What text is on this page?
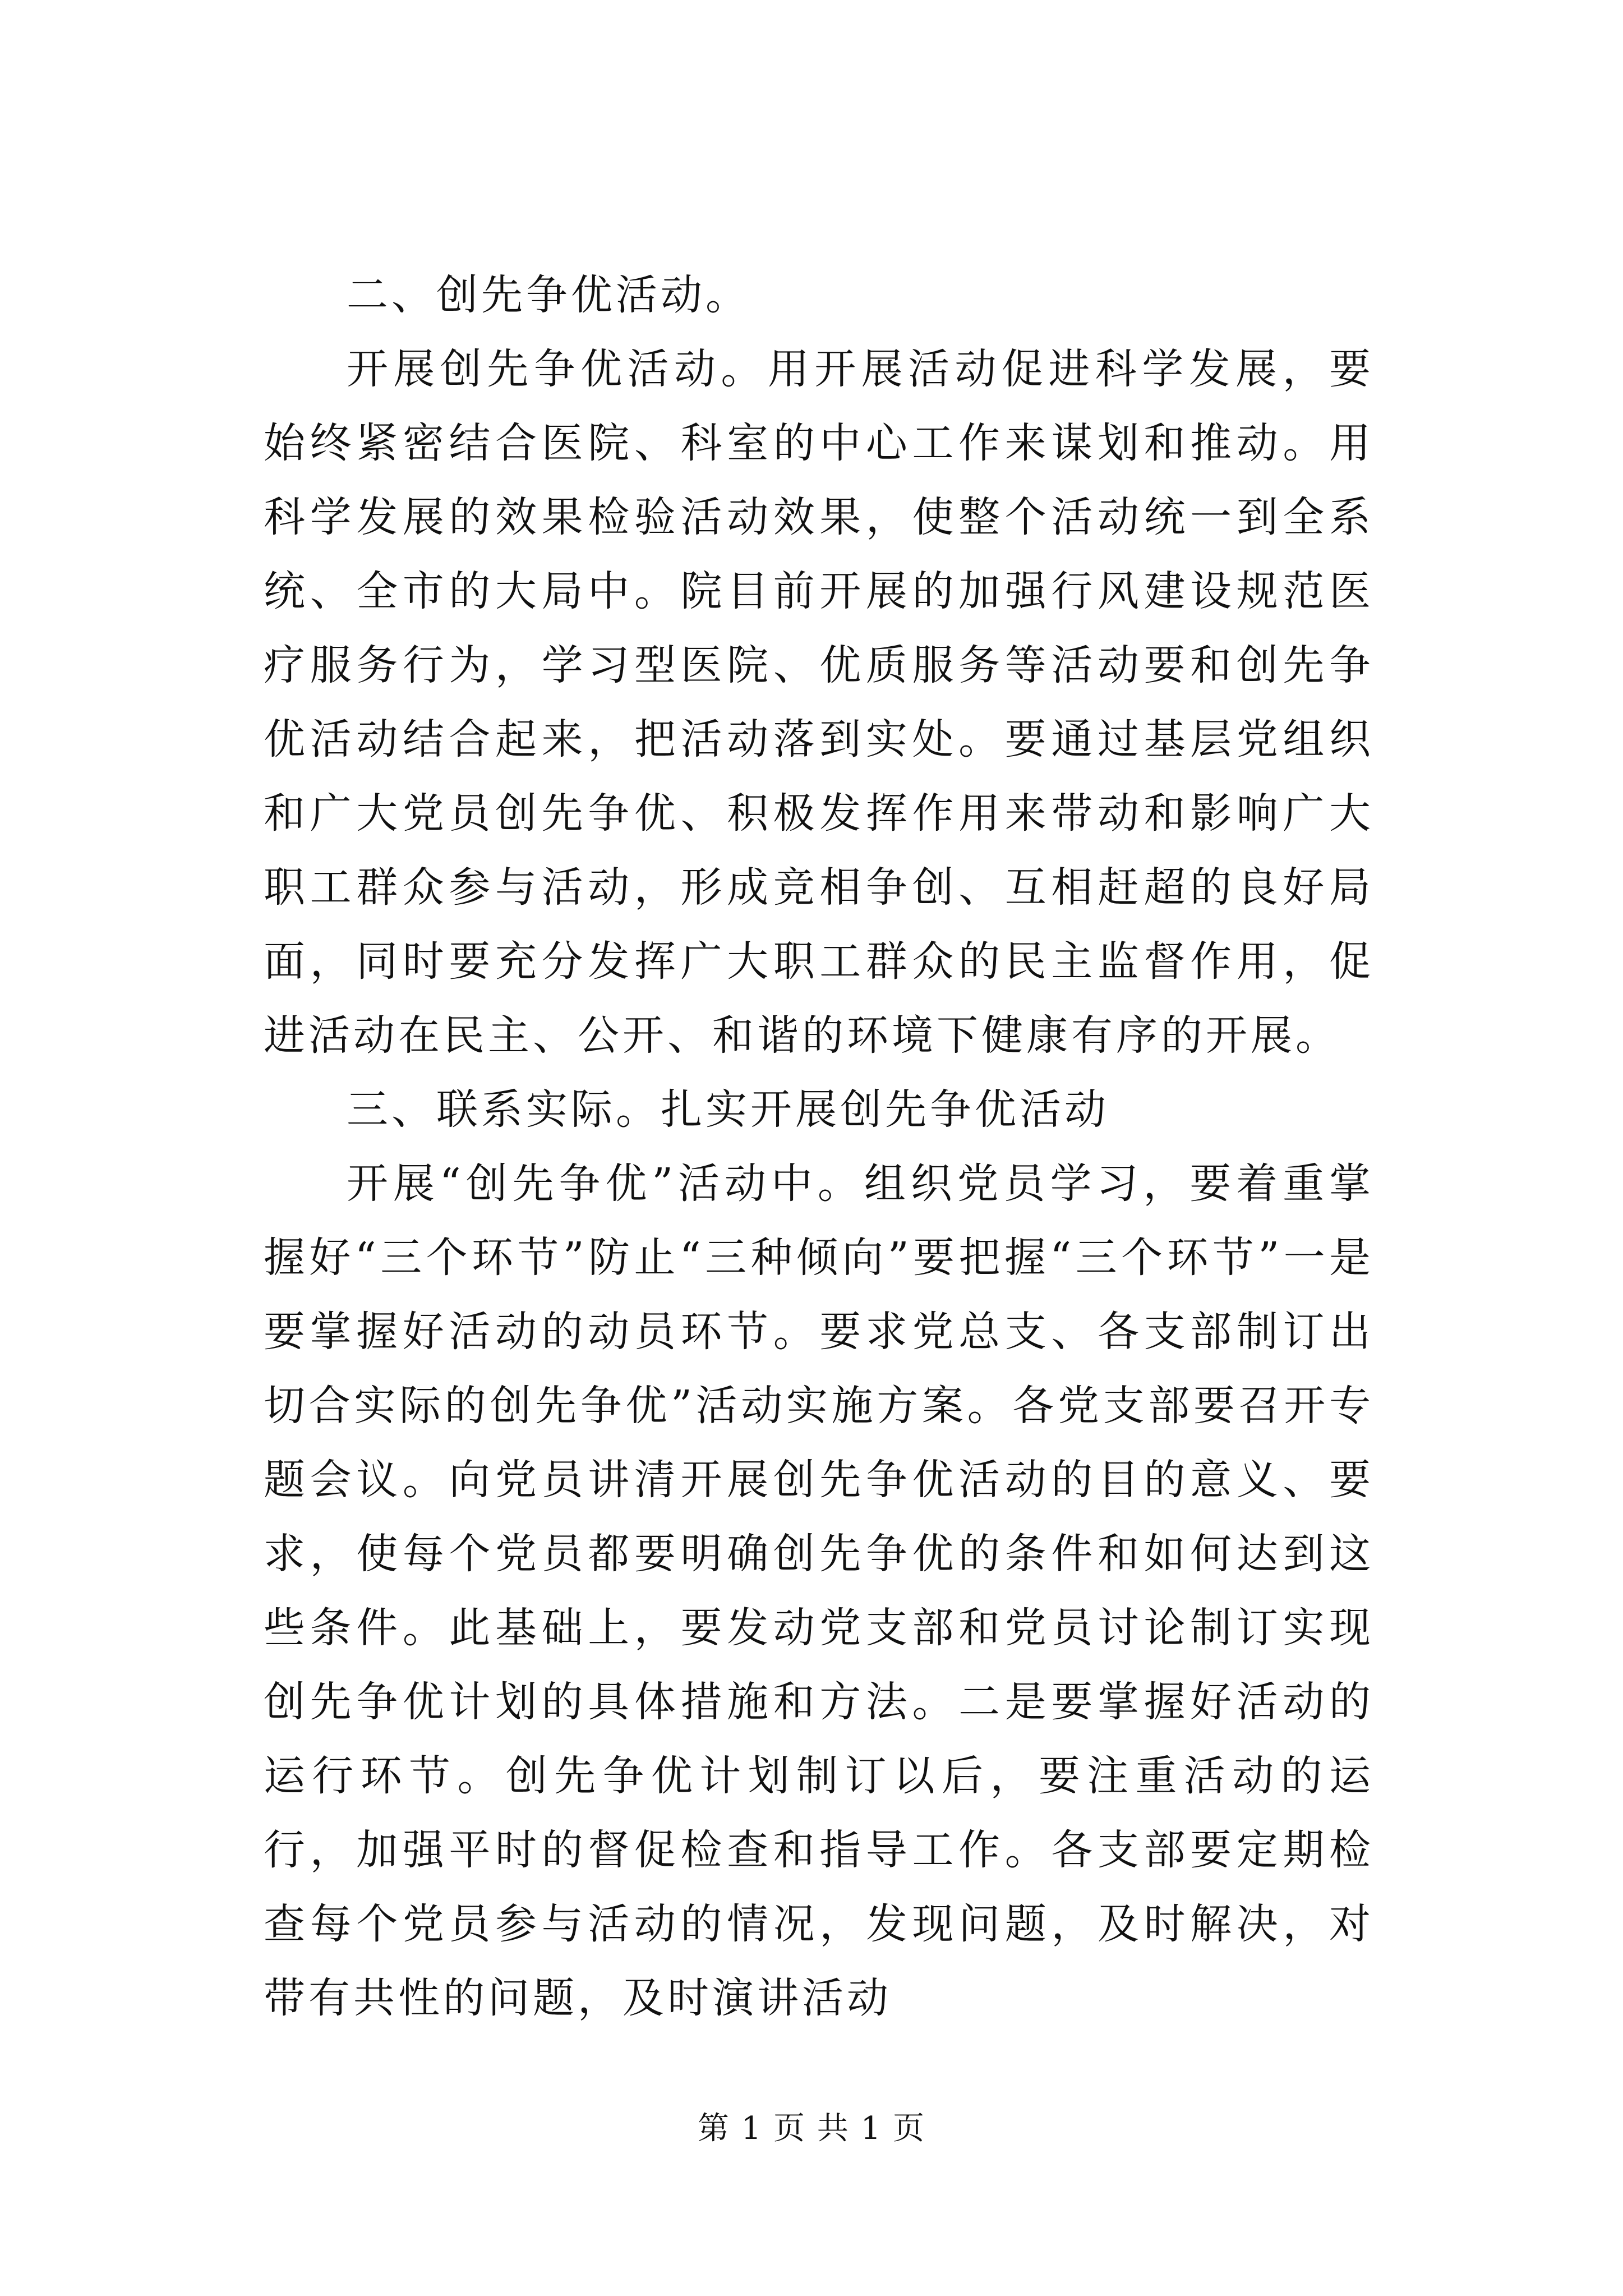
二、创先争优活动。

开展创先争优活动。用开展活动促进科学发展，要始终紧密结合医院、科室的中心工作来谋划和推动。用科学发展的效果检验活动效果，使整个活动统一到全系统、全市的大局中。院目前开展的加强行风建设规范医疗服务行为，学习型医院、优质服务等活动要和创先争优活动结合起来，把活动落到实处。要通过基层党组织和广大党员创先争优、积极发挥作用来带动和影响广大职工群众参与活动，形成竞相争创、互相赶超的良好局面，同时要充分发挥广大职工群众的民主监督作用，促进活动在民主、公开、和谐的环境下健康有序的开展。

三、联系实际。扎实开展创先争优活动

开展“创先争优”活动中。组织党员学习，要着重掌握好“三个环节”防止“三种倾向”要把握“三个环节”一是要掌握好活动的动员环节。要求党总支、各支部制订出切合实际的创先争优”活动实施方案。各党支部要召开专题会议。向党员讲清开展创先争优活动的目的意义、要求，使每个党员都要明确创先争优的条件和如何达到这些条件。此基础上，要发动党支部和党员讨论制订实现创先争优计划的具体措施和方法。二是要掌握好活动的运行环节。创先争优计划制订以后，要注重活动的运行，加强平时的督促检查和指导工作。各支部要定期检查每个党员参与活动的情况，发现问题，及时解决，对带有共性的问题，及时演讲活动

第 1 页 共 1 页
